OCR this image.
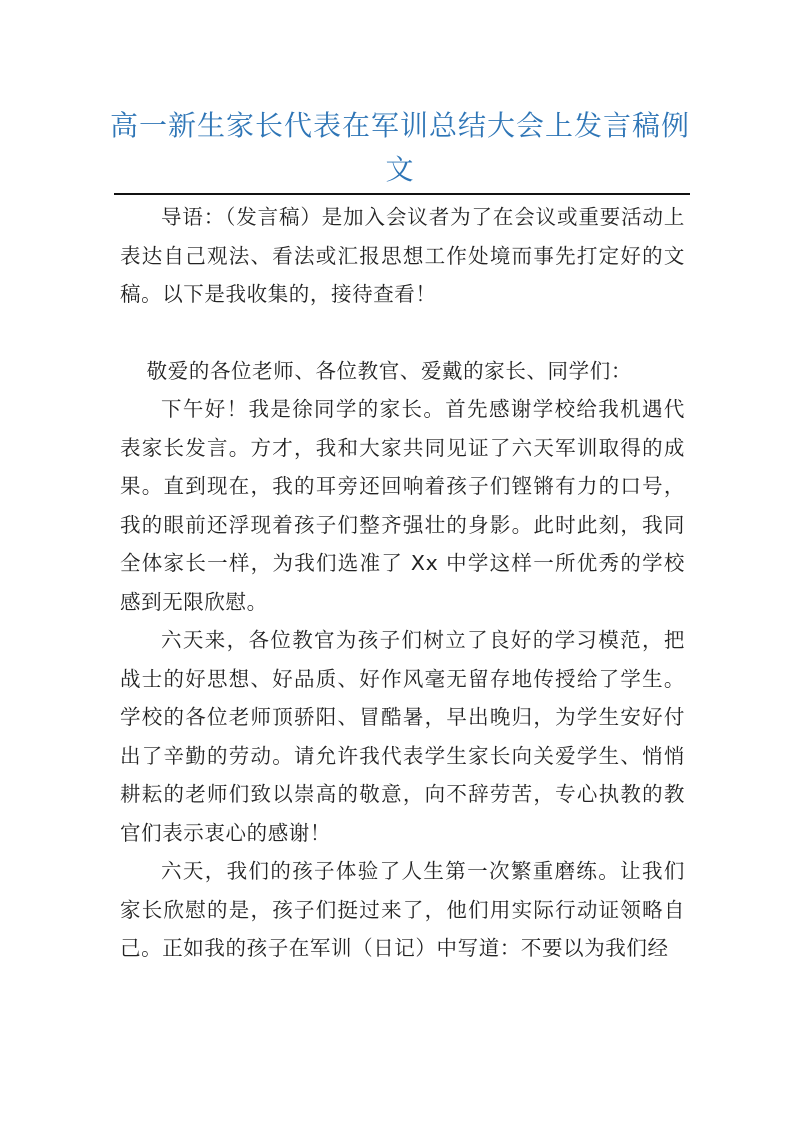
高一新生家长代表在军训总结大会上发言稿例文

导语：（发言稿）是加入会议者为了在会议或重要活动上表达自己观法、看法或汇报思想工作处境而事先打定好的文稿。以下是我收集的，接待查看！

敬爱的各位老师、各位教官、爱戴的家长、同学们：

下午好！我是徐同学的家长。首先感谢学校给我机遇代表家长发言。方才，我和大家共同见证了六天军训取得的成果。直到现在，我的耳旁还回响着孩子们铿锵有力的口号，我的眼前还浮现着孩子们整齐强壮的身影。此时此刻，我同全体家长一样，为我们选准了 Xx 中学这样一所优秀的学校感到无限欣慰。

六天来，各位教官为孩子们树立了良好的学习模范，把战士的好思想、好品质、好作风毫无留存地传授给了学生。学校的各位老师顶骄阳、冒酷暑，早出晚归，为学生安好付出了辛勤的劳动。请允许我代表学生家长向关爱学生、悄悄耕耘的老师们致以崇高的敬意，向不辞劳苦，专心执教的教官们表示衷心的感谢！

六天，我们的孩子体验了人生第一次繁重磨练。让我们家长欣慰的是，孩子们挺过来了，他们用实际行动证领略自己。正如我的孩子在军训（日记）中写道：不要以为我们经
